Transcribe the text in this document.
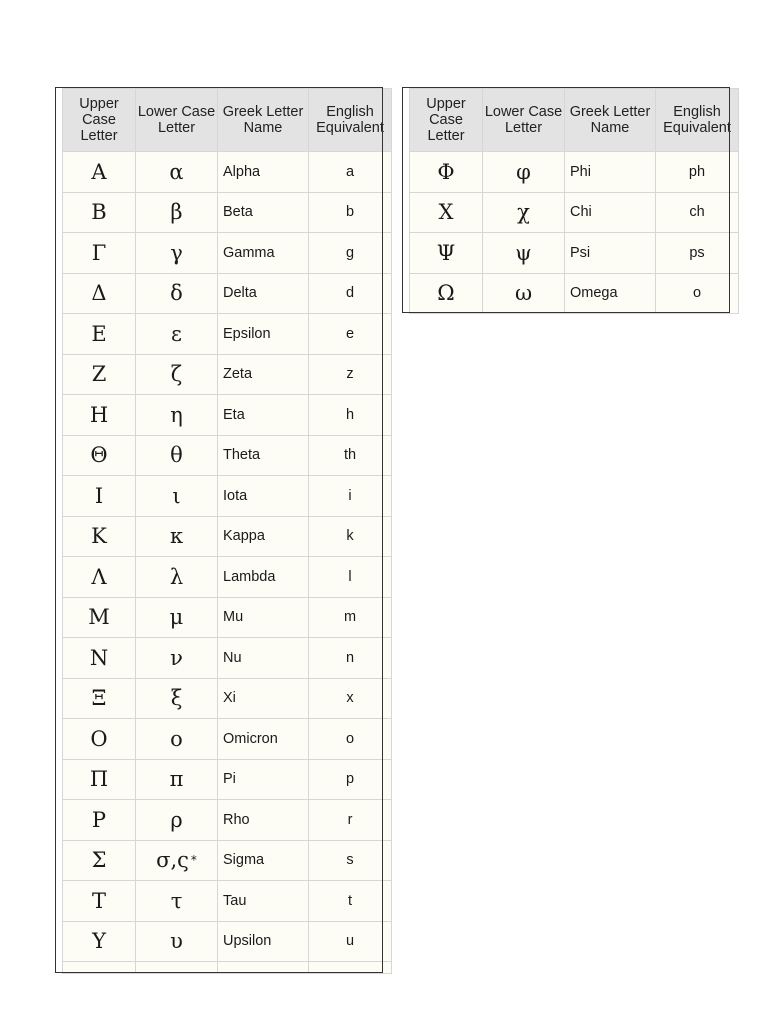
Upper Case Letter	Lower Case Letter	Greek Letter Name	English Equivalent
Α	α	Alpha	a
Β	β	Beta	b
Γ	γ	Gamma	g
Δ	δ	Delta	d
Ε	ε	Epsilon	e
Ζ	ζ	Zeta	z
Η	η	Eta	h
Θ	θ	Theta	th
Ι	ι	Iota	i
Κ	κ	Kappa	k
Λ	λ	Lambda	l
Μ	μ	Mu	m
Ν	ν	Nu	n
Ξ	ξ	Xi	x
Ο	ο	Omicron	o
Π	π	Pi	p
Ρ	ρ	Rho	r
Σ	σ,ς *	Sigma	s
Τ	τ	Tau	t
Υ	υ	Upsilon	u

Upper Case Letter	Lower Case Letter	Greek Letter Name	English Equivalent
Φ	φ	Phi	ph
Χ	χ	Chi	ch
Ψ	ψ	Psi	ps
Ω	ω	Omega	o
